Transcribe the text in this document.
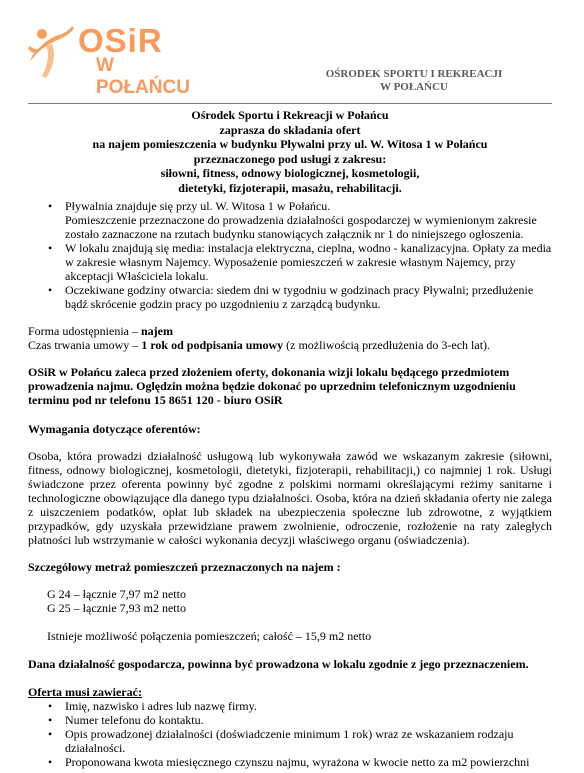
OSiR
W POŁAŃCU
OŚRODEK SPORTU I REKREACJI
W POŁAŃCU
Ośrodek Sportu i Rekreacji w Połańcu
zaprasza do składania ofert
na najem pomieszczenia w budynku Pływalni przy ul. W. Witosa 1 w Połańcu
przeznaczonego pod usługi z zakresu:
siłowni, fitness, odnowy biologicznej, kosmetologii,
dietetyki, fizjoterapii, masażu, rehabilitacji.
• Pływalnia znajduje się przy ul. W. Witosa 1 w Połańcu.
Pomieszczenie przeznaczone do prowadzenia działalności gospodarczej w wymienionym zakresie zostało zaznaczone na rzutach budynku stanowiących załącznik nr 1 do niniejszego ogłoszenia.
• W lokalu znajdują się media: instalacja elektryczna, cieplna, wodno - kanalizacyjna. Opłaty za media w zakresie własnym Najemcy. Wyposażenie pomieszczeń w zakresie własnym Najemcy, przy akceptacji Właściciela lokalu.
• Oczekiwane godziny otwarcia: siedem dni w tygodniu w godzinach pracy Pływalni; przedłużenie bądź skrócenie godzin pracy po uzgodnieniu z zarządcą budynku.
Forma udostępnienia – najem
Czas trwania umowy – 1 rok od podpisania umowy (z możliwością przedłużenia do 3-ech lat).
OSiR w Połańcu zaleca przed złożeniem oferty, dokonania wizji lokalu będącego przedmiotem prowadzenia najmu. Oględzin można będzie dokonać po uprzednim telefonicznym uzgodnieniu terminu pod nr telefonu 15 8651 120 - biuro OSiR
Wymagania dotyczące oferentów:
Osoba, która prowadzi działalność usługową lub wykonywała zawód we wskazanym zakresie (siłowni, fitness, odnowy biologicznej, kosmetologii, dietetyki, fizjoterapii, rehabilitacji,) co najmniej 1 rok. Usługi świadczone przez oferenta powinny być zgodne z polskimi normami określającymi reżimy sanitarne i technologiczne obowiązujące dla danego typu działalności. Osoba, która na dzień składania oferty nie zalega z uiszczeniem podatków, opłat lub składek na ubezpieczenia społeczne lub zdrowotne, z wyjątkiem przypadków, gdy uzyskała przewidziane prawem zwolnienie, odroczenie, rozłożenie na raty zaległych płatności lub wstrzymanie w całości wykonania decyzji właściwego organu (oświadczenia).
Szczegółowy metraż pomieszczeń przeznaczonych na najem :
G 24 – łącznie 7,97 m2 netto
G 25 – łącznie 7,93 m2 netto
Istnieje możliwość połączenia pomieszczeń; całość – 15,9 m2 netto
Dana działalność gospodarcza, powinna być prowadzona w lokalu zgodnie z jego przeznaczeniem.
Oferta musi zawierać:
• Imię, nazwisko i adres lub nazwę firmy.
• Numer telefonu do kontaktu.
• Opis prowadzonej działalności (doświadczenie minimum 1 rok) wraz ze wskazaniem rodzaju działalności.
• Proponowana kwota miesięcznego czynszu najmu, wyrażona w kwocie netto za m2 powierzchni
